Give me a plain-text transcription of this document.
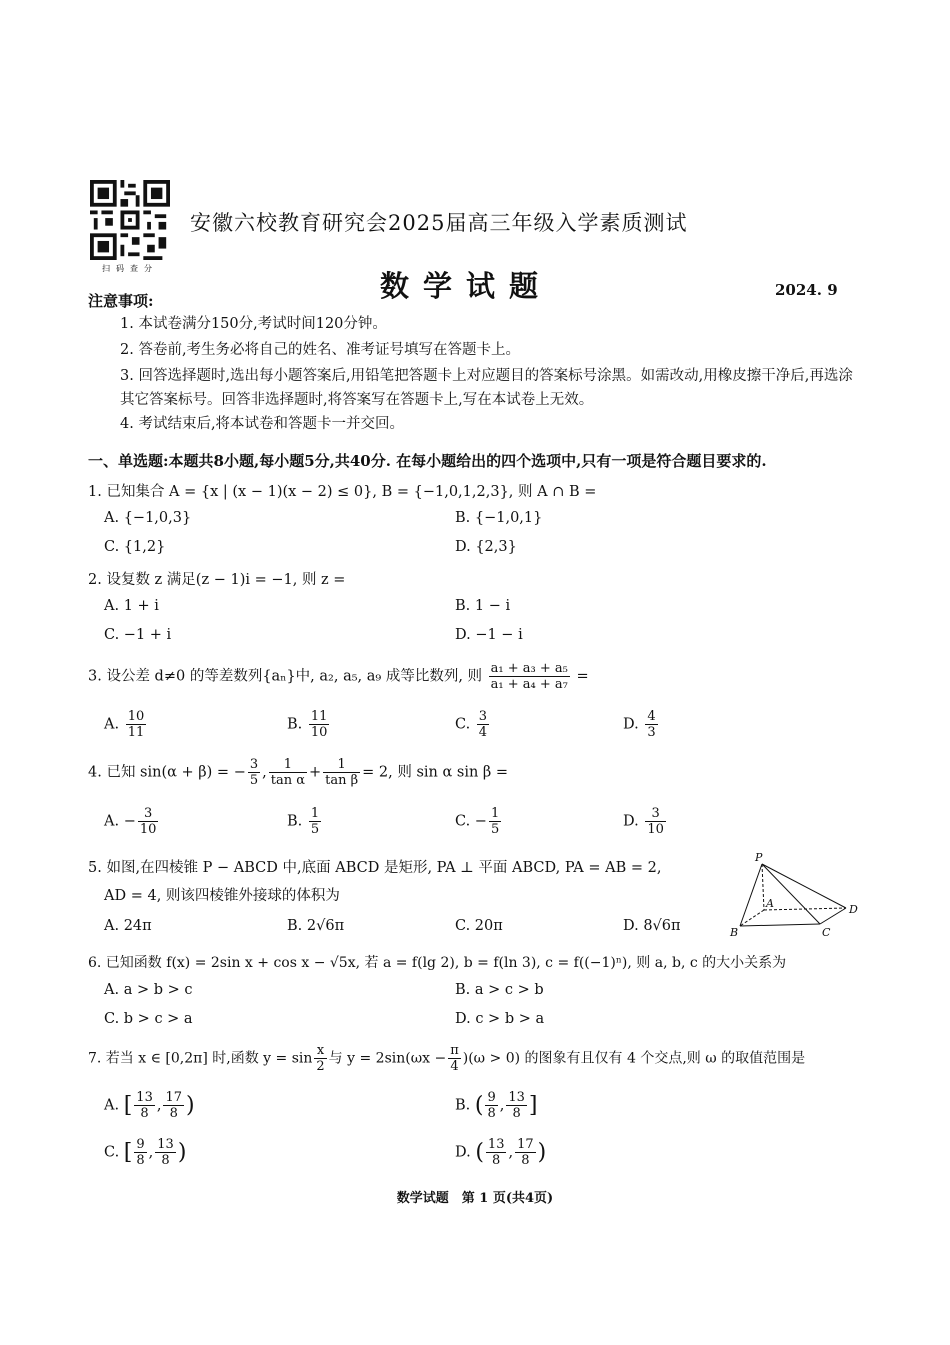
扫码查分
安徽六校教育研究会2025届高三年级入学素质测试
数学试题	2024. 9
注意事项:
1. 本试卷满分150分,考试时间120分钟。
2. 答卷前,考生务必将自己的姓名、准考证号填写在答题卡上。
3. 回答选择题时,选出每小题答案后,用铅笔把答题卡上对应题目的答案标号涂黑。如需改动,用橡皮擦干净后,再选涂其它答案标号。回答非选择题时,将答案写在答题卡上,写在本试卷上无效。
4. 考试结束后,将本试卷和答题卡一并交回。
一、单选题:本题共8小题,每小题5分,共40分. 在每小题给出的四个选项中,只有一项是符合题目要求的.
1. 已知集合 A = {x | (x − 1)(x − 2) ≤ 0}, B = {−1,0,1,2,3}, 则 A ∩ B =
A. {−1,0,3}	B. {−1,0,1}
C. {1,2}	D. {2,3}
2. 设复数 z 满足(z − 1)i = −1, 则 z =
A. 1 + i	B. 1 − i
C. −1 + i	D. −1 − i
3. 设公差 d≠0 的等差数列{aₙ}中, a₂, a₅, a₉ 成等比数列, 则 $\frac{\text{a₁ + a₃ + a₅}}{\text{a₁ + a₄ + a₇}}$ =
A. $\frac{10}{11}$	B. $\frac{11}{10}$	C. $\frac{3}{4}$	D. $\frac{4}{3}$
4. 已知 sin(α + β) = − $\frac{3}{5}$ , $\frac{1}{\text{tan α}} + \frac{1}{\text{tan β}} = 2$, 则 sin α sin β =
A. − $\frac{3}{10}$	B. $\frac{1}{5}$	C. − $\frac{1}{5}$	D. $\frac{3}{10}$
5. 如图,在四棱锥 P − ABCD 中,底面 ABCD 是矩形, PA ⊥ 平面 ABCD, PA = AB = 2,
AD = 4, 则该四棱锥外接球的体积为
A. 24π	B. 2√6π	C. 20π	D. 8√6π
P
A
B	C
D
6. 已知函数 f(x) = 2sin x + cos x − √5x, 若 a = f(lg 2), b = f(ln 3), c = f((−1)ⁿ), 则 a, b, c 的大小关系为
A. a > b > c	B. a > c > b
C. b > c > a	D. c > b > a
7. 若当 x ∈ [0,2π] 时,函数 $y = \sin \frac{x}{2}$ 与 $y = 2\sin(\omega x - \frac{\pi}{4} )(\omega > 0)$ 的图象有且仅有 4 个交点,则 ω 的取值范围是
A. [ $\frac{13}{8}$ , $\frac{17}{8}$ )	B. ( $\frac{9}{8}$ , $\frac{13}{8}$ ]
C. [ $\frac{9}{8}$ , $\frac{13}{8}$ )	D. ( $\frac{13}{8}$ , $\frac{17}{8}$ )
数学试题　第 1 页(共4页)
